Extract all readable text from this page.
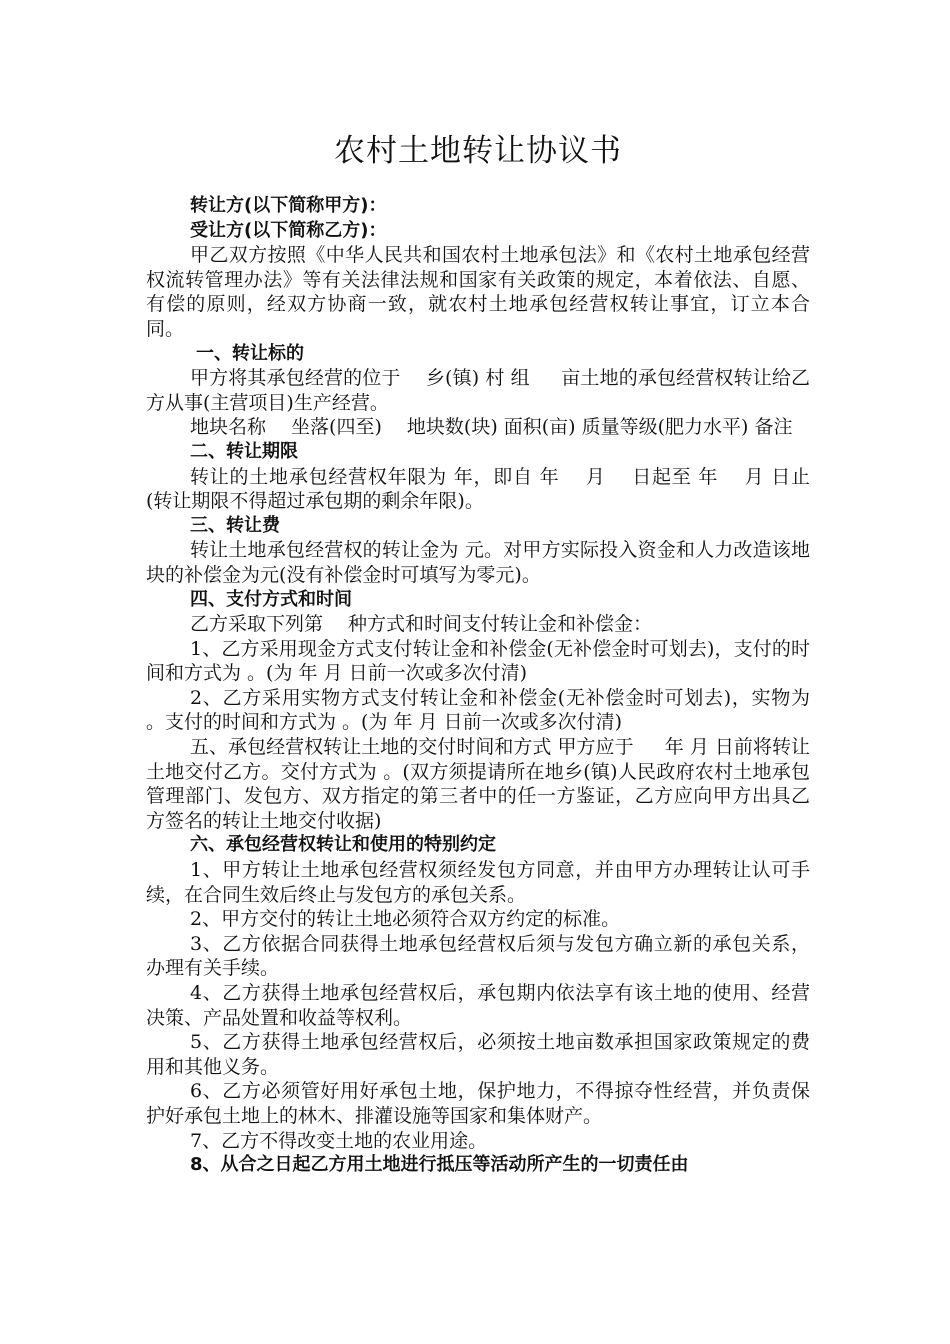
农村土地转让协议书

转让方(以下简称甲方)：

受让方(以下简称乙方)：

甲乙双方按照《中华人民共和国农村土地承包法》和《农村土地承包经营权流转管理办法》等有关法律法规和国家有关政策的规定，本着依法、自愿、有偿的原则，经双方协商一致，就农村土地承包经营权转让事宜，订立本合同。

一、转让标的

甲方将其承包经营的位于 　乡(镇) 村 组 　 亩土地的承包经营权转让给乙方从事(主营项目)生产经营。

地块名称 　坐落(四至) 　地块数(块) 面积(亩) 质量等级(肥力水平) 备注

二、转让期限

转让的土地承包经营权年限为 年，即自 年 　月 　日起至 年 　月 日止 (转让期限不得超过承包期的剩余年限)。

三、转让费

转让土地承包经营权的转让金为 元。对甲方实际投入资金和人力改造该地块的补偿金为元(没有补偿金时可填写为零元)。

四、支付方式和时间

乙方采取下列第 　种方式和时间支付转让金和补偿金：

1、乙方采用现金方式支付转让金和补偿金(无补偿金时可划去)，支付的时间和方式为 。(为 年 月 日前一次或多次付清)

2、乙方采用实物方式支付转让金和补偿金(无补偿金时可划去)，实物为 。支付的时间和方式为 。(为 年 月 日前一次或多次付清)

五、承包经营权转让土地的交付时间和方式 甲方应于 　 年 月 日前将转让土地交付乙方。交付方式为 。(双方须提请所在地乡(镇)人民政府农村土地承包管理部门、发包方、双方指定的第三者中的任一方鉴证，乙方应向甲方出具乙方签名的转让土地交付收据)

六、承包经营权转让和使用的特别约定

1、甲方转让土地承包经营权须经发包方同意，并由甲方办理转让认可手续，在合同生效后终止与发包方的承包关系。

2、甲方交付的转让土地必须符合双方约定的标准。

3、乙方依据合同获得土地承包经营权后须与发包方确立新的承包关系，办理有关手续。

4、乙方获得土地承包经营权后，承包期内依法享有该土地的使用、经营决策、产品处置和收益等权利。

5、乙方获得土地承包经营权后，必须按土地亩数承担国家政策规定的费用和其他义务。

6、乙方必须管好用好承包土地，保护地力，不得掠夺性经营，并负责保护好承包土地上的林木、排灌设施等国家和集体财产。

7、乙方不得改变土地的农业用途。

8、从合之日起乙方用土地进行抵压等活动所产生的一切责任由
